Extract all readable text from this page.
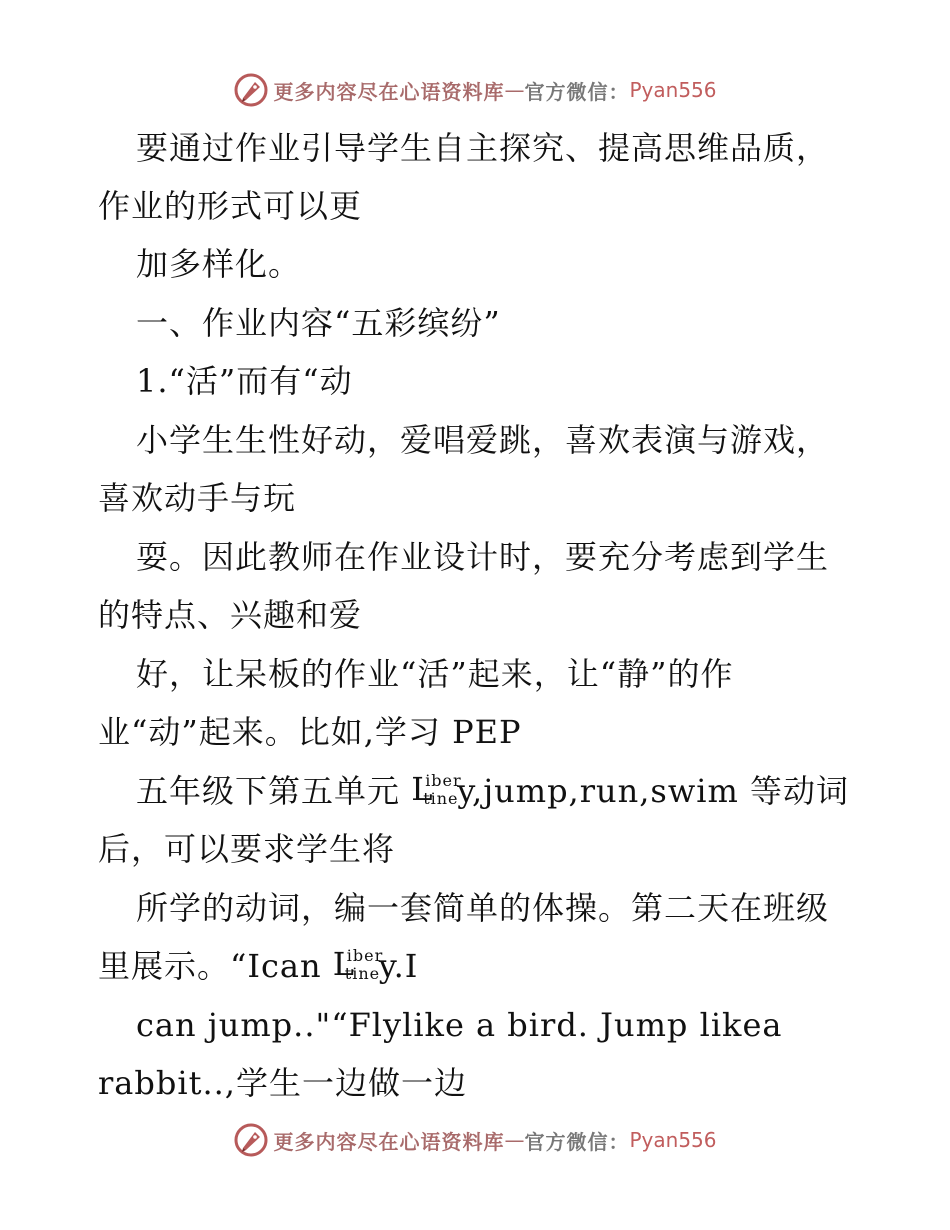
更多内容尽在心语资料库 — 官方微信： Pyan556
要通过作业引导学生自主探究、提高思维品质，
作业的形式可以更
加多样化。
一、作业内容“五彩缤纷”
1.“活”而有“动
小学生生性好动，爱唱爱跳，喜欢表演与游戏，
喜欢动手与玩
耍。因此教师在作业设计时，要充分考虑到学生
的特点、兴趣和爱
好，让呆板的作业“活”起来，让“静”的作
业“动”起来。比如,学习 PEP
五年级下第五单元 L
iber
tine
y,jump,run,swim 等动词
后，可以要求学生将
所学的动词，编一套简单的体操。第二天在班级
里展示。“Ican L
iber
tine
y.I
can jump.."“Flylike a bird. Jump likea
rabbit..,学生一边做一边
更多内容尽在心语资料库 — 官方微信： Pyan556
